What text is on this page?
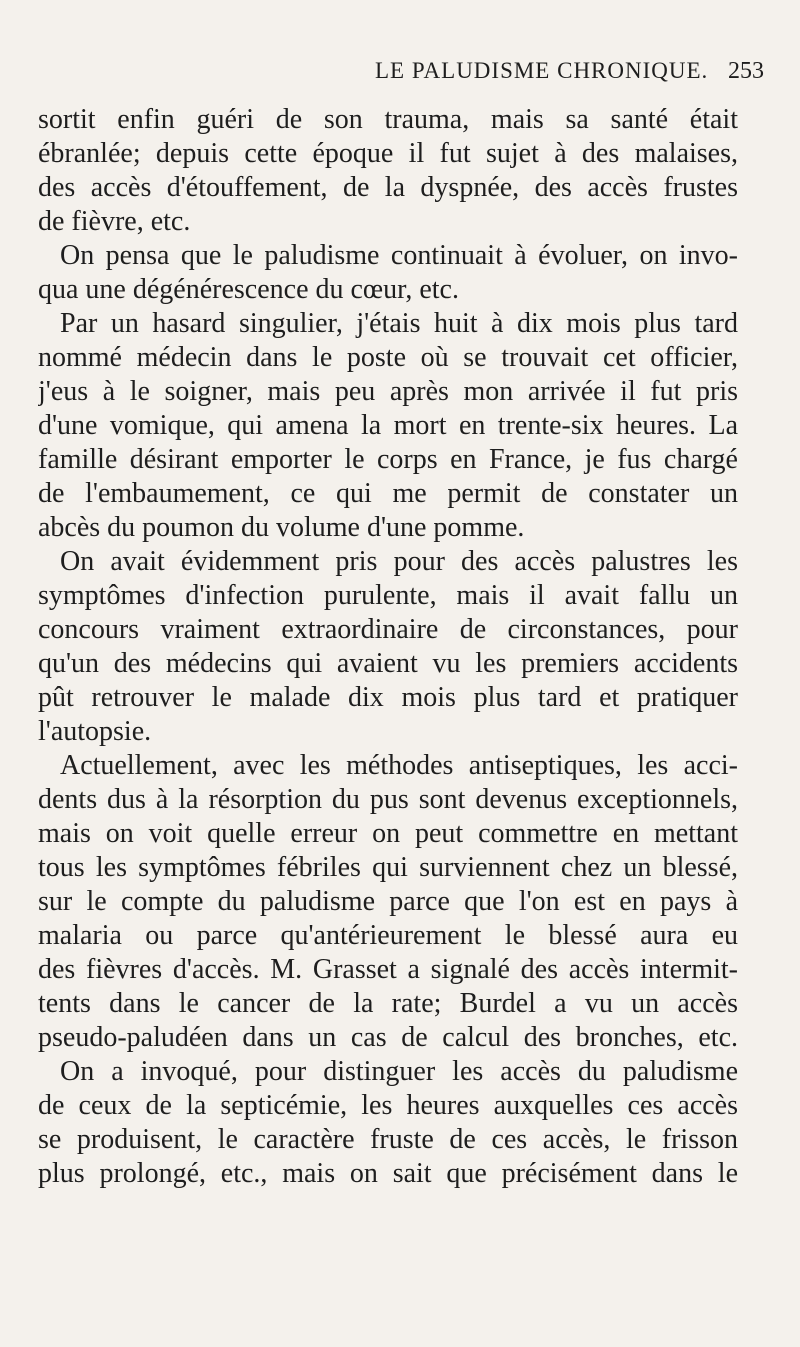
LE PALUDISME CHRONIQUE. 253
sortit enfin guéri de son trauma, mais sa santé était
ébranlée; depuis cette époque il fut sujet à des malaises,
des accès d'étouffement, de la dyspnée, des accès frustes
de fièvre, etc.
On pensa que le paludisme continuait à évoluer, on invo-
qua une dégénérescence du cœur, etc.
Par un hasard singulier, j'étais huit à dix mois plus tard
nommé médecin dans le poste où se trouvait cet officier,
j'eus à le soigner, mais peu après mon arrivée il fut pris
d'une vomique, qui amena la mort en trente-six heures. La
famille désirant emporter le corps en France, je fus chargé
de l'embaumement, ce qui me permit de constater un
abcès du poumon du volume d'une pomme.
On avait évidemment pris pour des accès palustres les
symptômes d'infection purulente, mais il avait fallu un
concours vraiment extraordinaire de circonstances, pour
qu'un des médecins qui avaient vu les premiers accidents
pût retrouver le malade dix mois plus tard et pratiquer
l'autopsie.
Actuellement, avec les méthodes antiseptiques, les acci-
dents dus à la résorption du pus sont devenus exceptionnels,
mais on voit quelle erreur on peut commettre en mettant
tous les symptômes fébriles qui surviennent chez un blessé,
sur le compte du paludisme parce que l'on est en pays à
malaria ou parce qu'antérieurement le blessé aura eu
des fièvres d'accès. M. Grasset a signalé des accès intermit-
tents dans le cancer de la rate; Burdel a vu un accès
pseudo-paludéen dans un cas de calcul des bronches, etc.
On a invoqué, pour distinguer les accès du paludisme
de ceux de la septicémie, les heures auxquelles ces accès
se produisent, le caractère fruste de ces accès, le frisson
plus prolongé, etc., mais on sait que précisément dans le
